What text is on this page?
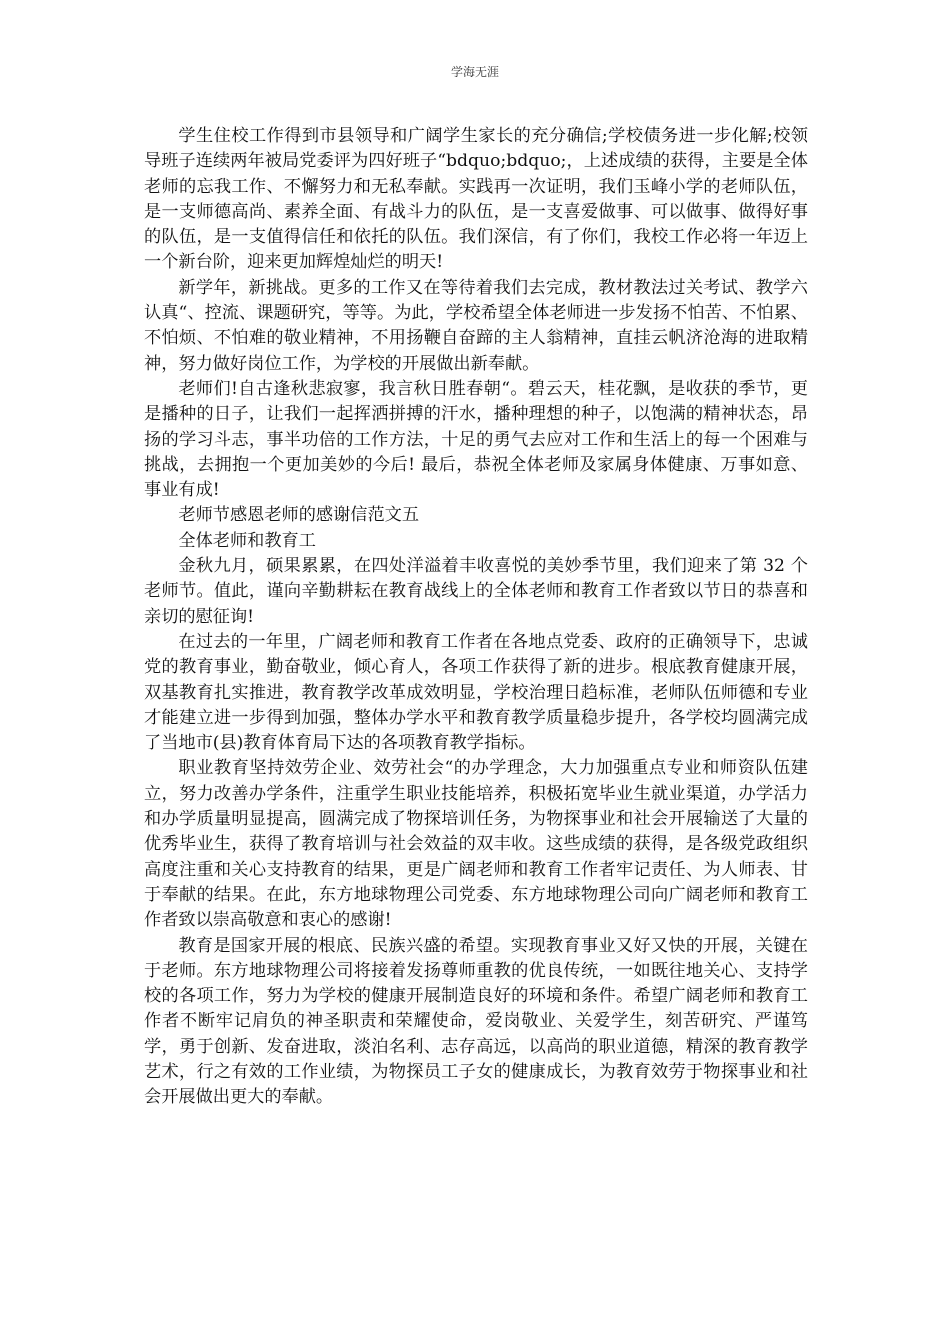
学海无涯

学生住校工作得到市县领导和广阔学生家长的充分确信;学校债务进一步化解;校领导班子连续两年被局党委评为四好班子“bdquo;bdquo;，上述成绩的获得，主要是全体老师的忘我工作、不懈努力和无私奉献。实践再一次证明，我们玉峰小学的老师队伍，是一支师德高尚、素养全面、有战斗力的队伍，是一支喜爱做事、可以做事、做得好事的队伍，是一支值得信任和依托的队伍。我们深信，有了你们，我校工作必将一年迈上一个新台阶，迎来更加辉煌灿烂的明天!

新学年，新挑战。更多的工作又在等待着我们去完成，教材教法过关考试、教学六认真“、控流、课题研究，等等。为此，学校希望全体老师进一步发扬不怕苦、不怕累、不怕烦、不怕难的敬业精神，不用扬鞭自奋蹄的主人翁精神，直挂云帆济沧海的进取精神，努力做好岗位工作，为学校的开展做出新奉献。

老师们!自古逢秋悲寂寥，我言秋日胜春朝“。碧云天，桂花飘，是收获的季节，更是播种的日子，让我们一起挥洒拼搏的汗水，播种理想的种子，以饱满的精神状态，昂扬的学习斗志，事半功倍的工作方法，十足的勇气去应对工作和生活上的每一个困难与挑战，去拥抱一个更加美妙的今后! 最后，恭祝全体老师及家属身体健康、万事如意、事业有成!

老师节感恩老师的感谢信范文五

全体老师和教育工

金秋九月，硕果累累，在四处洋溢着丰收喜悦的美妙季节里，我们迎来了第 32 个老师节。值此，谨向辛勤耕耘在教育战线上的全体老师和教育工作者致以节日的恭喜和亲切的慰征询!

在过去的一年里，广阔老师和教育工作者在各地点党委、政府的正确领导下，忠诚党的教育事业，勤奋敬业，倾心育人，各项工作获得了新的进步。根底教育健康开展，双基教育扎实推进，教育教学改革成效明显，学校治理日趋标准，老师队伍师德和专业才能建立进一步得到加强，整体办学水平和教育教学质量稳步提升，各学校均圆满完成了当地市(县)教育体育局下达的各项教育教学指标。

职业教育坚持效劳企业、效劳社会“的办学理念，大力加强重点专业和师资队伍建立，努力改善办学条件，注重学生职业技能培养，积极拓宽毕业生就业渠道，办学活力和办学质量明显提高，圆满完成了物探培训任务，为物探事业和社会开展输送了大量的优秀毕业生，获得了教育培训与社会效益的双丰收。这些成绩的获得，是各级党政组织高度注重和关心支持教育的结果，更是广阔老师和教育工作者牢记责任、为人师表、甘于奉献的结果。在此，东方地球物理公司党委、东方地球物理公司向广阔老师和教育工作者致以崇高敬意和衷心的感谢!

教育是国家开展的根底、民族兴盛的希望。实现教育事业又好又快的开展，关键在于老师。东方地球物理公司将接着发扬尊师重教的优良传统，一如既往地关心、支持学校的各项工作，努力为学校的健康开展制造良好的环境和条件。希望广阔老师和教育工作者不断牢记肩负的神圣职责和荣耀使命，爱岗敬业、关爱学生，刻苦研究、严谨笃学，勇于创新、发奋进取，淡泊名利、志存高远，以高尚的职业道德，精深的教育教学艺术，行之有效的工作业绩，为物探员工子女的健康成长，为教育效劳于物探事业和社会开展做出更大的奉献。
